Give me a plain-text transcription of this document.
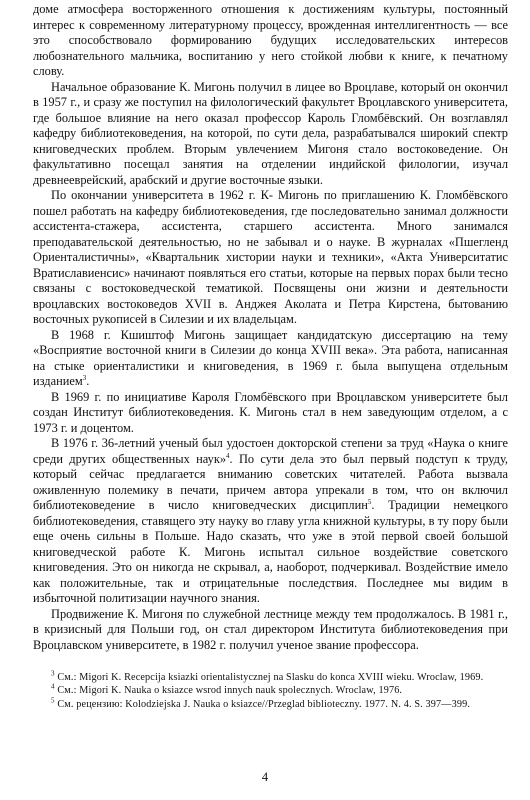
доме атмосфера восторженного отношения к достижениям культуры, постоянный интерес к современному литературному процессу, врожденная интеллигентность — все это способствовало формированию будущих исследовательских интересов любознательного мальчика, воспитанию у него стойкой любви к книге, к печатному слову.

Начальное образование К. Мигонь получил в лицее во Вроцлаве, который он окончил в 1957 г., и сразу же поступил на филологический факультет Вроцлавского университета, где большое влияние на него оказал профессор Кароль Гломбёвский. Он возглавлял кафедру библиотековедения, на которой, по сути дела, разрабатывался широкий спектр книговедческих проблем. Вторым увлечением Мигоня стало востоковедение. Он факультативно посещал занятия на отделении индийской филологии, изучал древнееврейский, арабский и другие восточные языки.

По окончании университета в 1962 г. К- Мигонь по приглашению К. Гломбёвского пошел работать на кафедру библиотековедения, где последовательно занимал должности ассистента-стажера, ассистента, старшего ассистента. Много занимался преподавательской деятельностью, но не забывал и о науке. В журналах «Пшегленд Ориенталистичны», «Квартальник хистории науки и техники», «Акта Университатис Вратиславиенсис» начинают появляться его статьи, которые на первых порах были тесно связаны с востоковедческой тематикой. Посвящены они жизни и деятельности вроцлавских востоковедов XVII в. Анджея Аколата и Петра Кирстена, бытованию восточных рукописей в Силезии и их владельцам.

В 1968 г. Кшиштоф Мигонь защищает кандидатскую диссертацию на тему «Восприятие восточной книги в Силезии до конца XVIII века». Эта работа, написанная на стыке ориенталистики и книговедения, в 1969 г. была выпущена отдельным изданием$^3$.

В 1969 г. по инициативе Кароля Гломбёвского при Вроцлавском университете был создан Институт библиотековедения. К. Мигонь стал в нем заведующим отделом, а с 1973 г. и доцентом.

В 1976 г. 36-летний ученый был удостоен докторской степени за труд «Наука о книге среди других общественных наук»$^4$. По сути дела это был первый подступ к труду, который сейчас предлагается вниманию советских читателей. Работа вызвала оживленную полемику в печати, причем автора упрекали в том, что он включил библиотековедение в число книговедческих дисциплин$^5$. Традиции немецкого библиотековедения, ставящего эту науку во главу угла книжной культуры, в ту пору были еще очень сильны в Польше. Надо сказать, что уже в этой первой своей большой книговедческой работе К. Мигонь испытал сильное воздействие советского книговедения. Это он никогда не скрывал, а, наоборот, подчеркивал. Воздействие имело как положительные, так и отрицательные последствия. Последнее мы видим в избыточной политизации научного знания.

Продвижение К. Мигоня по служебной лестнице между тем продолжалось. В 1981 г., в кризисный для Польши год, он стал директором Института библиотековедения при Вроцлавском университете, в 1982 г. получил ученое звание профессора.

$^3$ См.: Migori K. Recepcija ksiazki orientalistycznej na Slasku do konca XVIII wieku. Wroclaw, 1969.

$^4$ См.: Migori K. Nauka o ksiazce wsrod innych nauk spolecznych. Wroclaw, 1976.

$^5$ См. рецензию: Kolodziejska J. Nauka o ksiazce//Przeglad biblioteczny. 1977. N. 4. S. 397—399.

4
